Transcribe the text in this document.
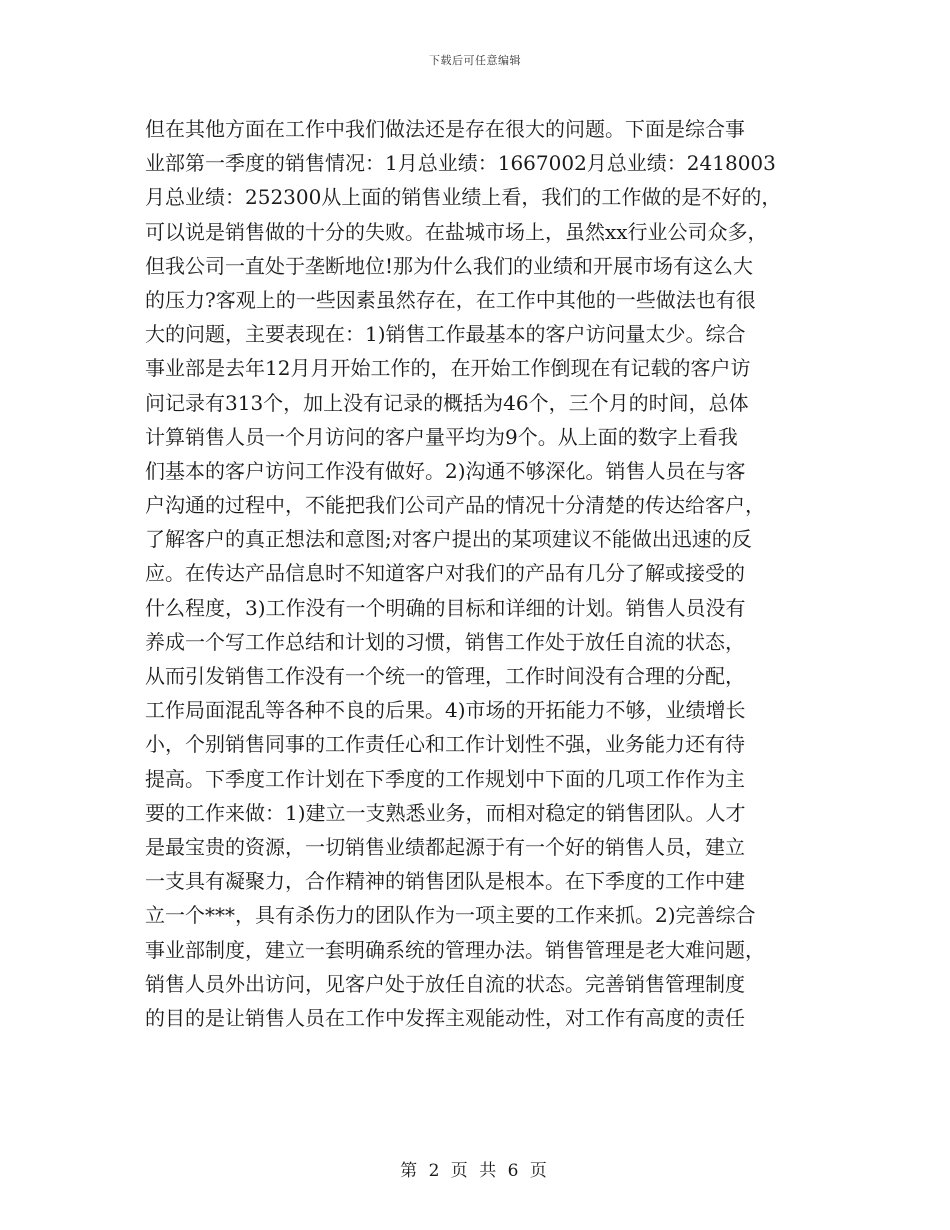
下载后可任意编辑
但在其他方面在工作中我们做法还是存在很大的问题。下面是综合事
业部第一季度的销售情况：1月总业绩：1667002月总业绩：2418003
月总业绩：252300从上面的销售业绩上看，我们的工作做的是不好的，
可以说是销售做的十分的失败。在盐城市场上，虽然xx行业公司众多，
但我公司一直处于垄断地位!那为什么我们的业绩和开展市场有这么大
的压力?客观上的一些因素虽然存在，在工作中其他的一些做法也有很
大的问题，主要表现在：1)销售工作最基本的客户访问量太少。综合
事业部是去年12月月开始工作的，在开始工作倒现在有记载的客户访
问记录有313个，加上没有记录的概括为46个，三个月的时间，总体
计算销售人员一个月访问的客户量平均为9个。从上面的数字上看我
们基本的客户访问工作没有做好。2)沟通不够深化。销售人员在与客
户沟通的过程中，不能把我们公司产品的情况十分清楚的传达给客户，
了解客户的真正想法和意图;对客户提出的某项建议不能做出迅速的反
应。在传达产品信息时不知道客户对我们的产品有几分了解或接受的
什么程度，3)工作没有一个明确的目标和详细的计划。销售人员没有
养成一个写工作总结和计划的习惯，销售工作处于放任自流的状态，
从而引发销售工作没有一个统一的管理，工作时间没有合理的分配，
工作局面混乱等各种不良的后果。4)市场的开拓能力不够，业绩增长
小，个别销售同事的工作责任心和工作计划性不强，业务能力还有待
提高。下季度工作计划在下季度的工作规划中下面的几项工作作为主
要的工作来做：1)建立一支熟悉业务，而相对稳定的销售团队。人才
是最宝贵的资源，一切销售业绩都起源于有一个好的销售人员，建立
一支具有凝聚力，合作精神的销售团队是根本。在下季度的工作中建
立一个***，具有杀伤力的团队作为一项主要的工作来抓。2)完善综合
事业部制度，建立一套明确系统的管理办法。销售管理是老大难问题，
销售人员外出访问，见客户处于放任自流的状态。完善销售管理制度
的目的是让销售人员在工作中发挥主观能动性，对工作有高度的责任
第 2 页 共 6 页
